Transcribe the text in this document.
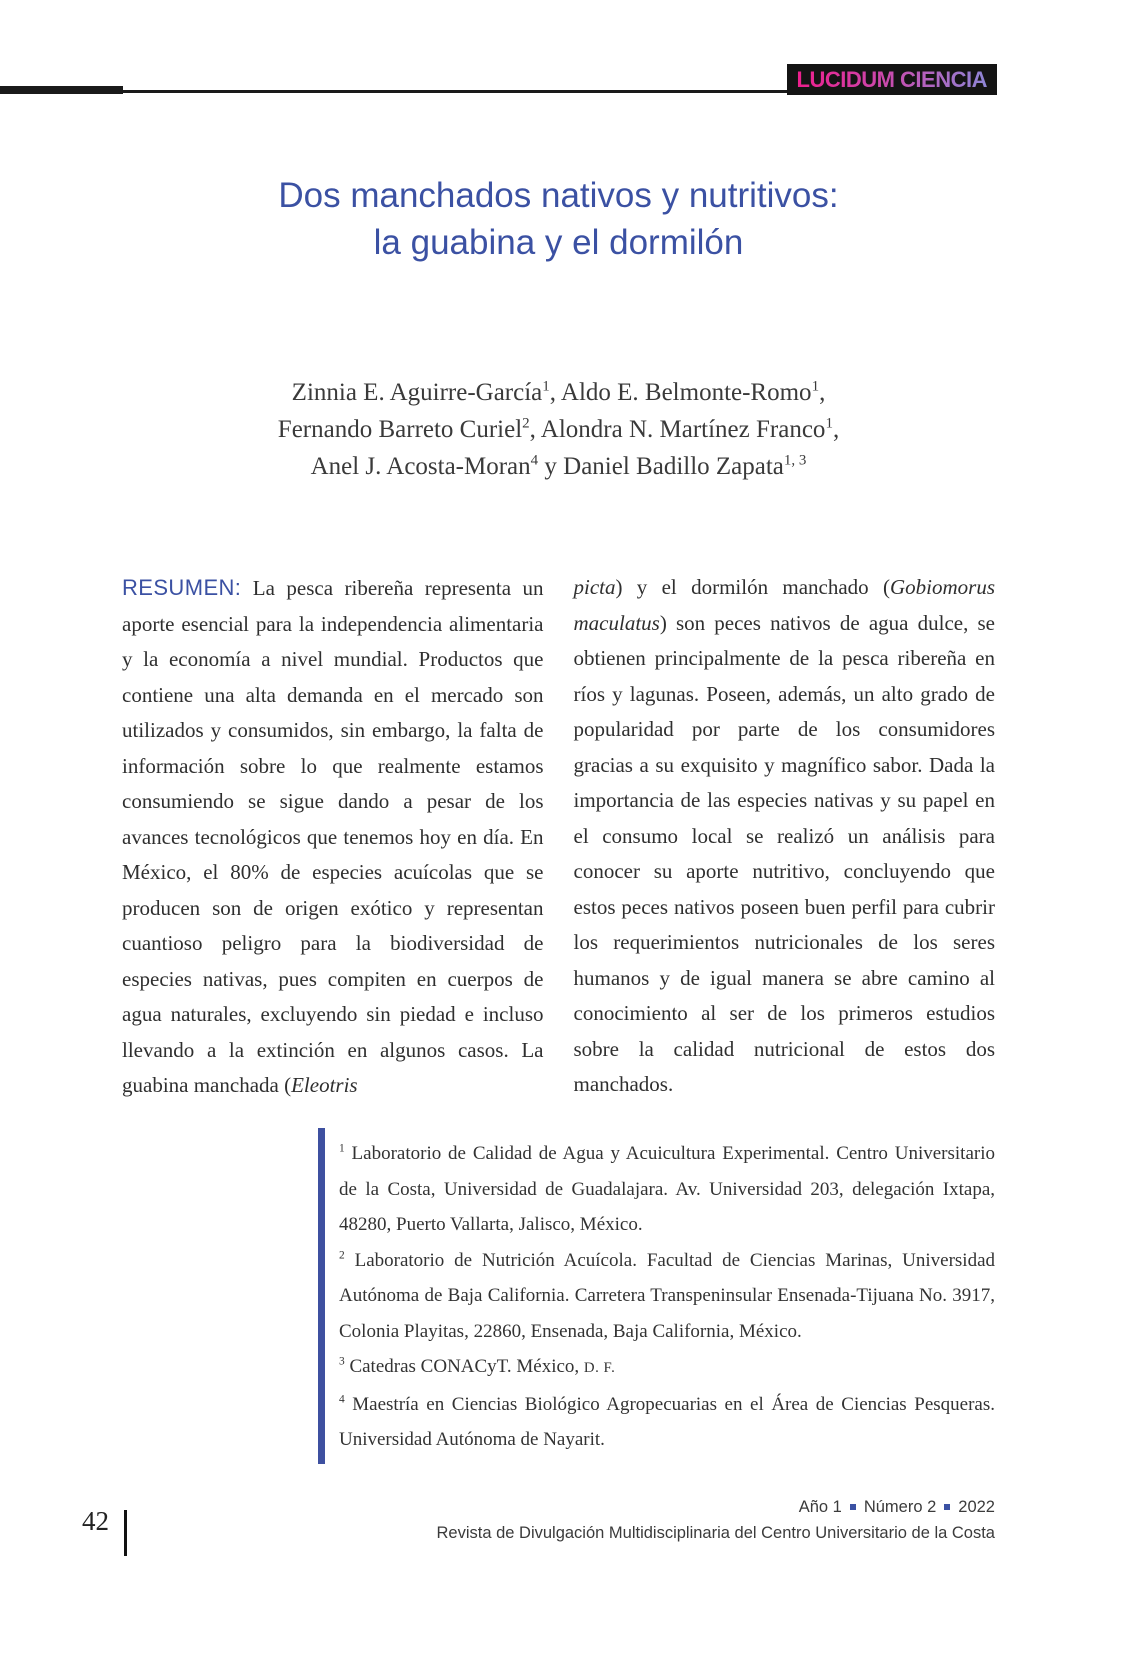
LUCIDUM CIENCIA
Dos manchados nativos y nutritivos:
la guabina y el dormilón
Zinnia E. Aguirre-García$^1$, Aldo E. Belmonte-Romo$^1$,
Fernando Barreto Curiel$^2$, Alondra N. Martínez Franco$^1$,
Anel J. Acosta-Moran$^4$ y Daniel Badillo Zapata$^{1, 3}$

RESUMEN: La pesca ribereña representa un aporte esencial para la independencia alimentaria y la economía a nivel mundial. Productos que contiene una alta demanda en el mercado son utilizados y consumidos, sin embargo, la falta de información sobre lo que realmente estamos consumiendo se sigue dando a pesar de los avances tecnológicos que tenemos hoy en día. En México, el 80% de especies acuícolas que se producen son de origen exótico y representan cuantioso peligro para la biodiversidad de especies nativas, pues compiten en cuerpos de agua naturales, excluyendo sin piedad e incluso llevando a la extinción en algunos casos. La guabina manchada (Eleotris

picta) y el dormilón manchado (Gobiomorus maculatus) son peces nativos de agua dulce, se obtienen principalmente de la pesca ribereña en ríos y lagunas. Poseen, además, un alto grado de popularidad por parte de los consumidores gracias a su exquisito y magnífico sabor. Dada la importancia de las especies nativas y su papel en el consumo local se realizó un análisis para conocer su aporte nutritivo, concluyendo que estos peces nativos poseen buen perfil para cubrir los requerimientos nutricionales de los seres humanos y de igual manera se abre camino al conocimiento al ser de los primeros estudios sobre la calidad nutricional de estos dos manchados.

$^1$ Laboratorio de Calidad de Agua y Acuicultura Experimental. Centro Universitario de la Costa, Universidad de Guadalajara. Av. Universidad 203, delegación Ixtapa, 48280, Puerto Vallarta, Jalisco, México.

$^2$ Laboratorio de Nutrición Acuícola. Facultad de Ciencias Marinas, Universidad Autónoma de Baja California. Carretera Transpeninsular Ensenada-Tijuana No. 3917, Colonia Playitas, 22860, Ensenada, Baja California, México.

$^3$ Catedras CONACyT. México, D. F.

$^4$ Maestría en Ciencias Biológico Agropecuarias en el Área de Ciencias Pesqueras. Universidad Autónoma de Nayarit.

42	Año 1 Número 2 2022
Revista de Divulgación Multidisciplinaria del Centro Universitario de la Costa
